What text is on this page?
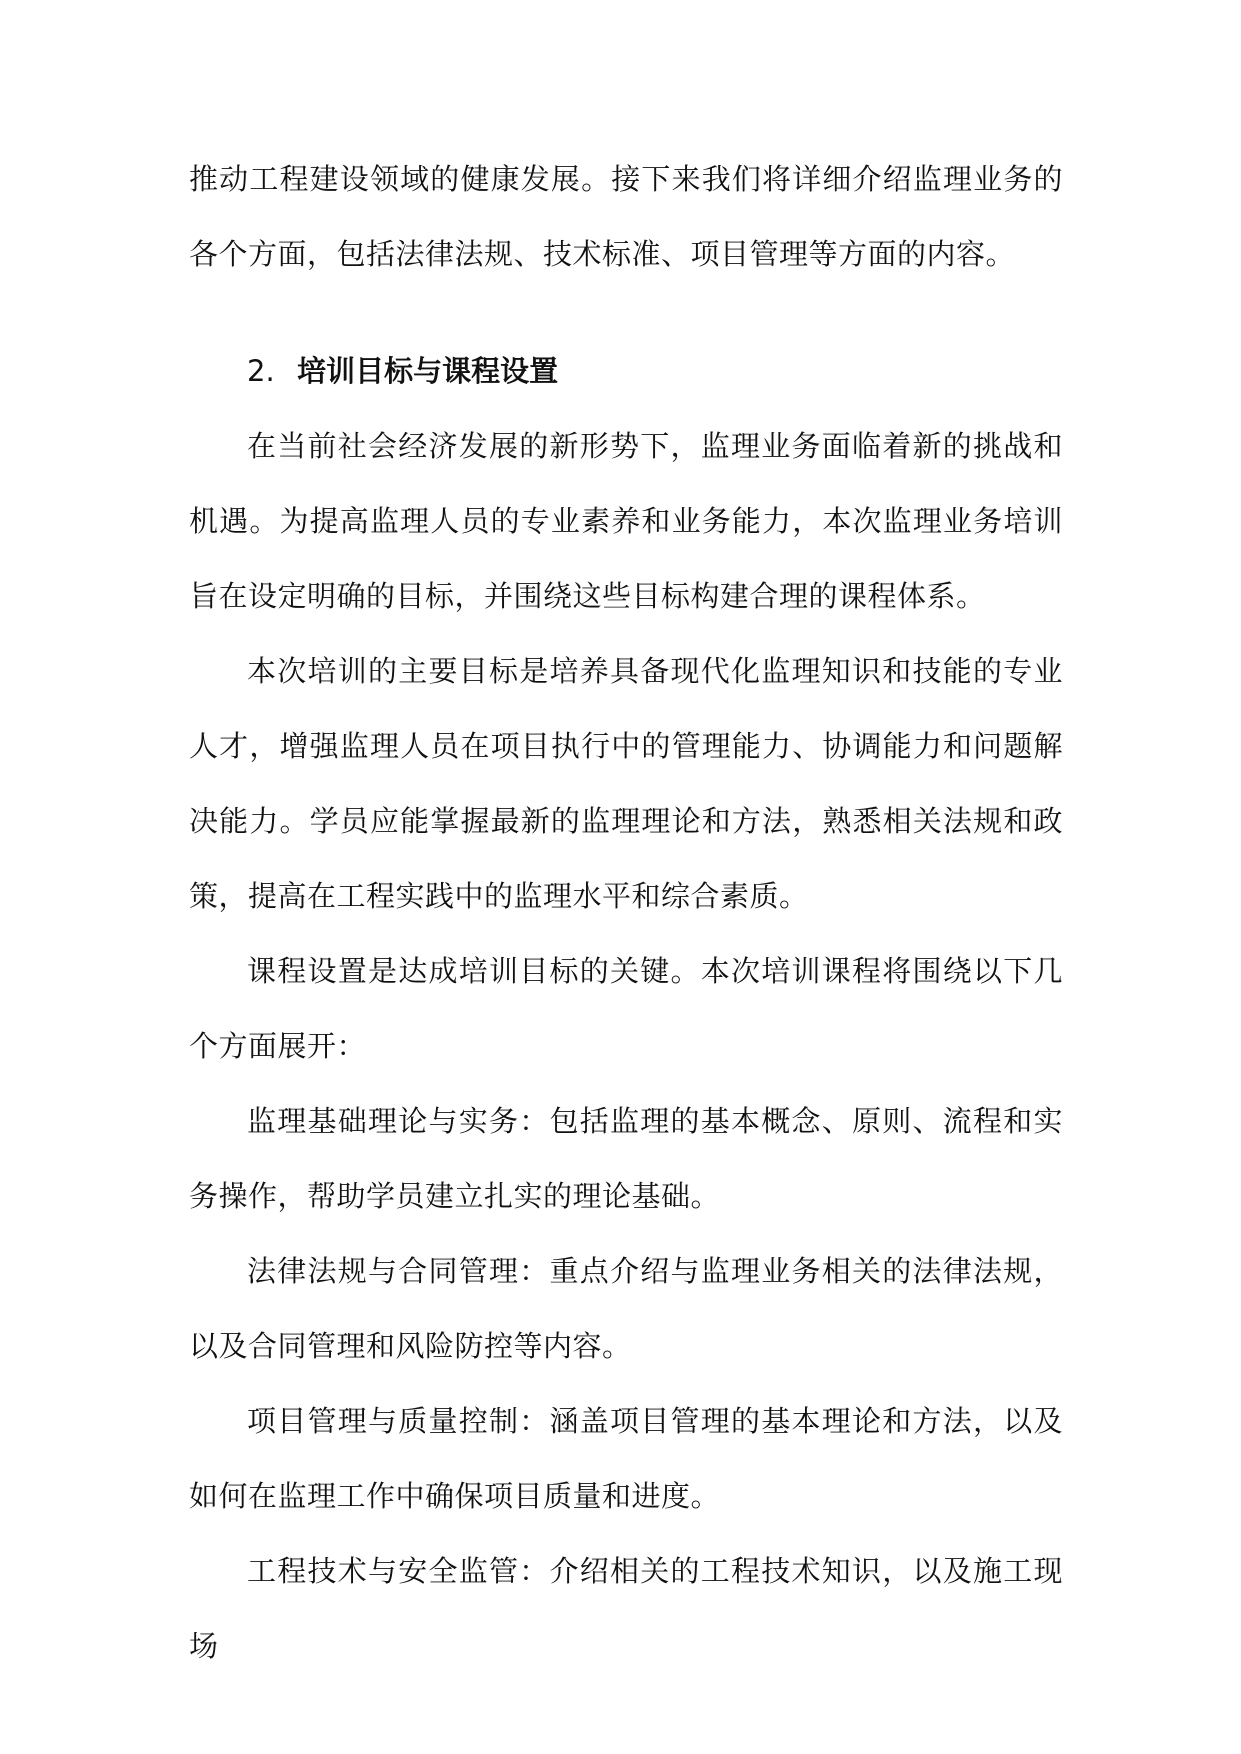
推动工程建设领域的健康发展。接下来我们将详细介绍监理业务的各个方面，包括法律法规、技术标准、项目管理等方面的内容。

2. 培训目标与课程设置

在当前社会经济发展的新形势下，监理业务面临着新的挑战和机遇。为提高监理人员的专业素养和业务能力，本次监理业务培训旨在设定明确的目标，并围绕这些目标构建合理的课程体系。

本次培训的主要目标是培养具备现代化监理知识和技能的专业人才，增强监理人员在项目执行中的管理能力、协调能力和问题解决能力。学员应能掌握最新的监理理论和方法，熟悉相关法规和政策，提高在工程实践中的监理水平和综合素质。

课程设置是达成培训目标的关键。本次培训课程将围绕以下几个方面展开：

监理基础理论与实务：包括监理的基本概念、原则、流程和实务操作，帮助学员建立扎实的理论基础。

法律法规与合同管理：重点介绍与监理业务相关的法律法规，以及合同管理和风险防控等内容。

项目管理与质量控制：涵盖项目管理的基本理论和方法，以及如何在监理工作中确保项目质量和进度。

工程技术与安全监管：介绍相关的工程技术知识，以及施工现场
